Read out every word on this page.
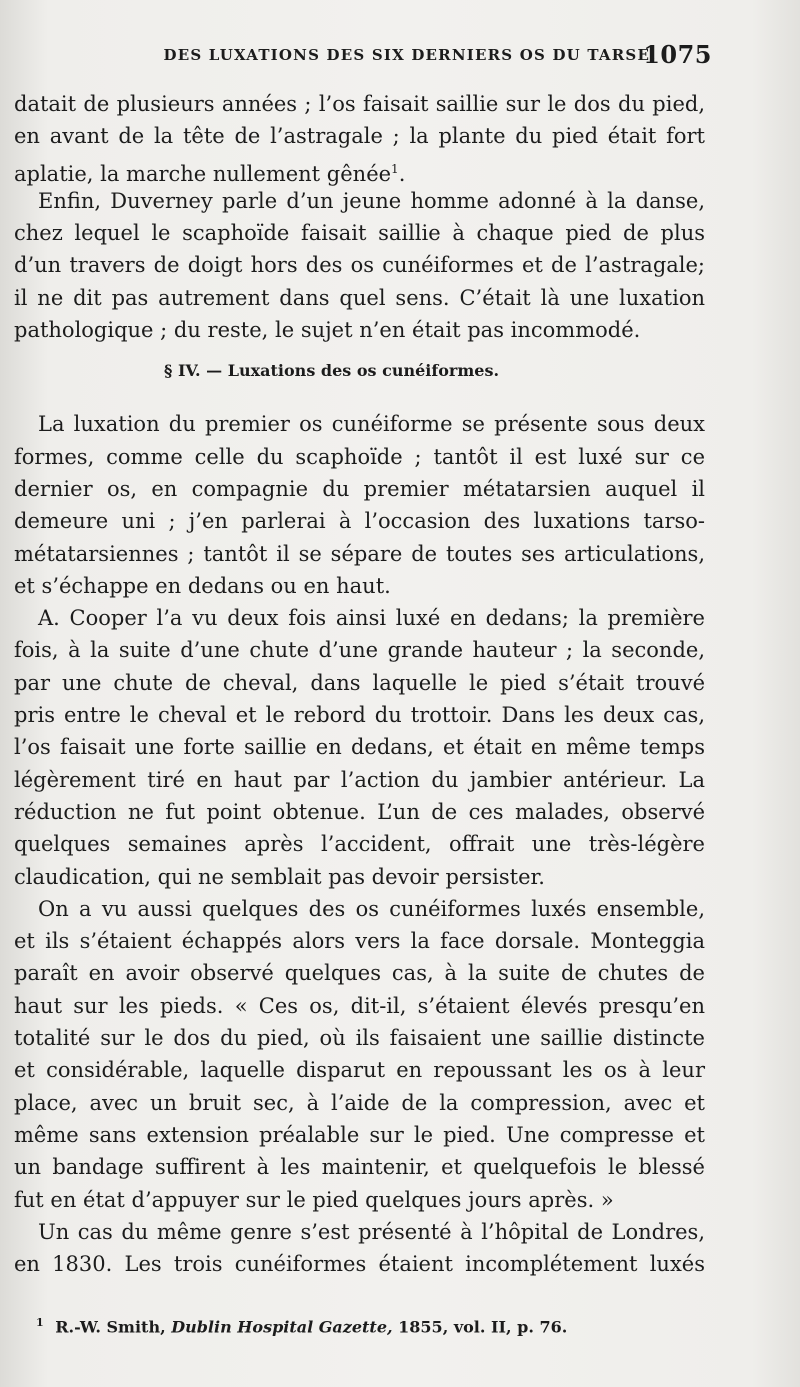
DES LUXATIONS DES SIX DERNIERS OS DU TARSE.
1075
datait de plusieurs années ; l’os faisait saillie sur le dos du pied,
en avant de la tête de l’astragale ; la plante du pied était fort
aplatie, la marche nullement gênée$^1$.
Enfin, Duverney parle d’un jeune homme adonné à la danse,
chez lequel le scaphoïde faisait saillie à chaque pied de plus
d’un travers de doigt hors des os cunéiformes et de l’astragale;
il ne dit pas autrement dans quel sens. C’était là une luxation
pathologique ; du reste, le sujet n’en était pas incommodé.
§ IV. — Luxations des os cunéiformes.
La luxation du premier os cunéiforme se présente sous deux
formes, comme celle du scaphoïde ; tantôt il est luxé sur ce
dernier os, en compagnie du premier métatarsien auquel il
demeure uni ; j’en parlerai à l’occasion des luxations tarso-
métatarsiennes ; tantôt il se sépare de toutes ses articulations,
et s’échappe en dedans ou en haut.
A. Cooper l’a vu deux fois ainsi luxé en dedans; la première
fois, à la suite d’une chute d’une grande hauteur ; la seconde,
par une chute de cheval, dans laquelle le pied s’était trouvé
pris entre le cheval et le rebord du trottoir. Dans les deux cas,
l’os faisait une forte saillie en dedans, et était en même temps
légèrement tiré en haut par l’action du jambier antérieur. La
réduction ne fut point obtenue. L’un de ces malades, observé
quelques semaines après l’accident, offrait une très-légère
claudication, qui ne semblait pas devoir persister.
On a vu aussi quelques des os cunéiformes luxés ensemble,
et ils s’étaient échappés alors vers la face dorsale. Monteggia
paraît en avoir observé quelques cas, à la suite de chutes de
haut sur les pieds. « Ces os, dit-il, s’étaient élevés presqu’en
totalité sur le dos du pied, où ils faisaient une saillie distincte
et considérable, laquelle disparut en repoussant les os à leur
place, avec un bruit sec, à l’aide de la compression, avec et
même sans extension préalable sur le pied. Une compresse et
un bandage suffirent à les maintenir, et quelquefois le blessé
fut en état d’appuyer sur le pied quelques jours après. »
Un cas du même genre s’est présenté à l’hôpital de Londres,
en 1830. Les trois cunéiformes étaient incomplétement luxés
$^1$ R.-W. Smith, Dublin Hospital Gazette, 1855, vol. II, p. 76.
